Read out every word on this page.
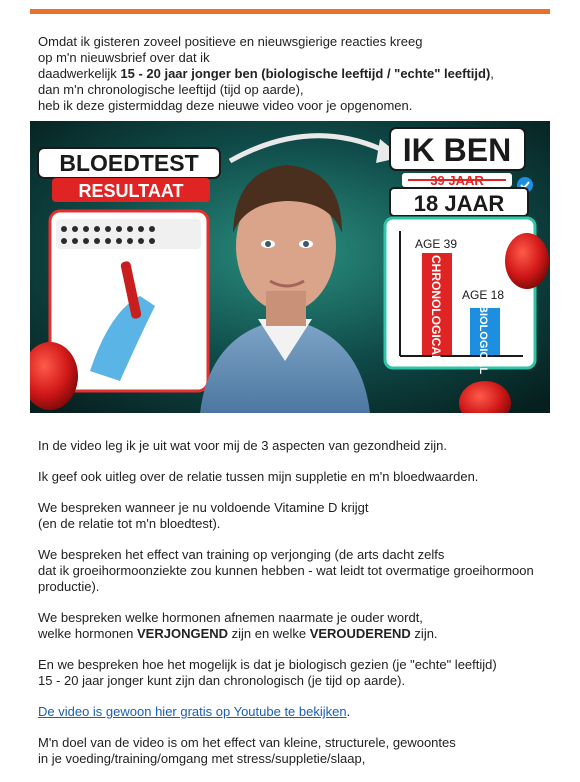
Omdat ik gisteren zoveel positieve en nieuwsgierige reacties kreeg
op m'n nieuwsbrief over dat ik
daadwerkelijk 15 - 20 jaar jonger ben (biologische leeftijd / "echte" leeftijd),
dan m'n chronologische leeftijd (tijd op aarde),
heb ik deze gistermiddag deze nieuwe video voor je opgenomen.

BLOEDTEST
RESULTAAT
IK BEN
39 JAAR
18 JAAR
AGE 39
AGE 18
CHRONOLOGICAL	BIOLOGICAL

In de video leg ik je uit wat voor mij de 3 aspecten van gezondheid zijn.

Ik geef ook uitleg over de relatie tussen mijn suppletie en m'n bloedwaarden.

We bespreken wanneer je nu voldoende Vitamine D krijgt
(en de relatie tot m'n bloedtest).

We bespreken het effect van training op verjonging (de arts dacht zelfs
dat ik groeihormoonziekte zou kunnen hebben - wat leidt tot overmatige groeihormoon
productie).

We bespreken welke hormonen afnemen naarmate je ouder wordt,
welke hormonen VERJONGEND zijn en welke VEROUDEREND zijn.

En we bespreken hoe het mogelijk is dat je biologisch gezien (je "echte" leeftijd)
15 - 20 jaar jonger kunt zijn dan chronologisch (je tijd op aarde).

De video is gewoon hier gratis op Youtube te bekijken.

M'n doel van de video is om het effect van kleine, structurele, gewoontes
in je voeding/training/omgang met stress/suppletie/slaap,
